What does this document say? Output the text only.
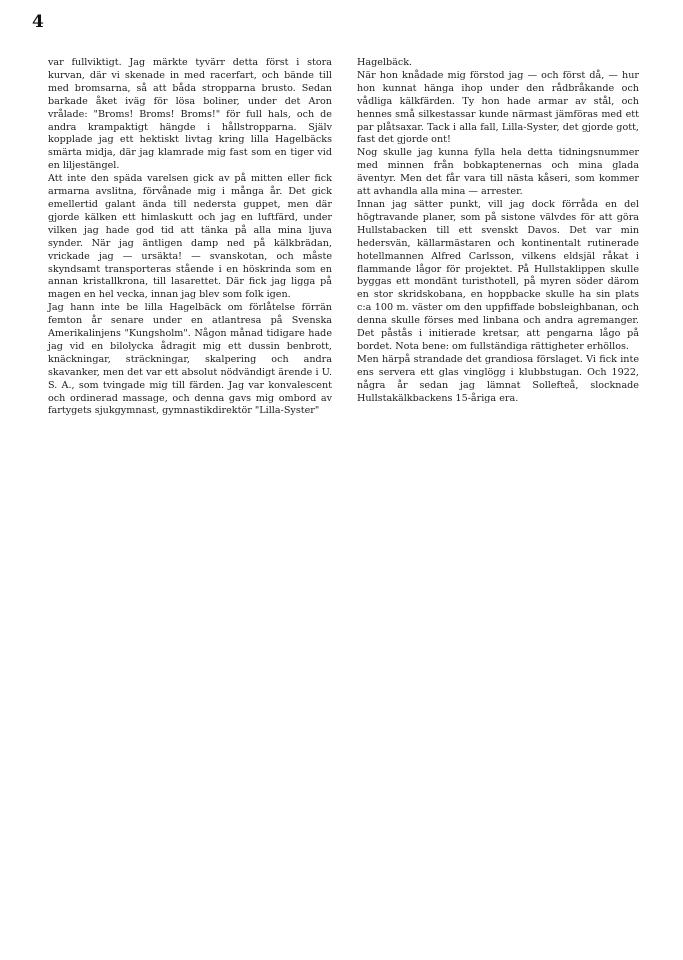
4

var fullviktigt. Jag märkte tyvärr detta först i stora kurvan, där vi skenade in med racerfart, och bände till med bromsarna, så att båda stropparna brusto. Sedan barkade åket iväg för lösa boliner, under det Aron vrålade: "Broms! Broms! Broms!" för full hals, och de andra krampaktigt hängde i hållstropparna. Själv kopplade jag ett hektiskt livtag kring lilla Hagelbäcks smärta midja, där jag klamrade mig fast som en tiger vid en liljestängel.

Att inte den späda varelsen gick av på mitten eller fick armarna avslitna, förvånade mig i många år. Det gick emellertid galant ända till nedersta guppet, men där gjorde kälken ett himlaskutt och jag en luftfärd, under vilken jag hade god tid att tänka på alla mina ljuva synder. När jag äntligen damp ned på kälkbrädan, vrickade jag — ursäkta! — svanskotan, och måste skyndsamt transporteras stående i en höskrinda som en annan kristallkrona, till lasarettet. Där fick jag ligga på magen en hel vecka, innan jag blev som folk igen.

Jag hann inte be lilla Hagelbäck om förlåtelse förrän femton år senare under en atlantresa på Svenska Amerikalinjens "Kungsholm". Någon månad tidigare hade jag vid en bilolycka ådragit mig ett dussin benbrott, knäckningar, sträckningar, skalpering och andra skavanker, men det var ett absolut nödvändigt ärende i U. S. A., som tvingade mig till färden. Jag var konvalescent och ordinerad massage, och denna gavs mig ombord av fartygets sjukgymnast, gymnastikdirektör "Lilla-Syster"

Hagelbäck.

När hon knådade mig förstod jag — och först då, — hur hon kunnat hänga ihop under den rådbråkande och vådliga kälkfärden. Ty hon hade armar av stål, och hennes små silkestassar kunde närmast jämföras med ett par plåtsaxar. Tack i alla fall, Lilla-Syster, det gjorde gott, fast det gjorde ont!

Nog skulle jag kunna fylla hela detta tidningsnummer med minnen från bobkaptenernas och mina glada äventyr. Men det får vara till nästa kåseri, som kommer att avhandla alla mina — arrester.

Innan jag sätter punkt, vill jag dock förråda en del högtravande planer, som på sistone välvdes för att göra Hullstabacken till ett svenskt Davos. Det var min hedersvän, källarmästaren och kontinentalt rutinerade hotellmannen Alfred Carlsson, vilkens eldsjäl råkat i flammande lågor för projektet. På Hullstaklippen skulle byggas ett mondänt turisthotell, på myren söder därom en stor skridskobana, en hoppbacke skulle ha sin plats c:a 100 m. väster om den uppfiffade bobsleighbanan, och denna skulle förses med linbana och andra agremanger. Det påstås i initierade kretsar, att pengarna lågo på bordet. Nota bene: om fullständiga rättigheter erhöllos.

Men härpå strandade det grandiosa förslaget. Vi fick inte ens servera ett glas vinglögg i klubbstugan. Och 1922, några år sedan jag lämnat Sollefteå, slocknade Hullstakälkbackens 15-åriga era.
